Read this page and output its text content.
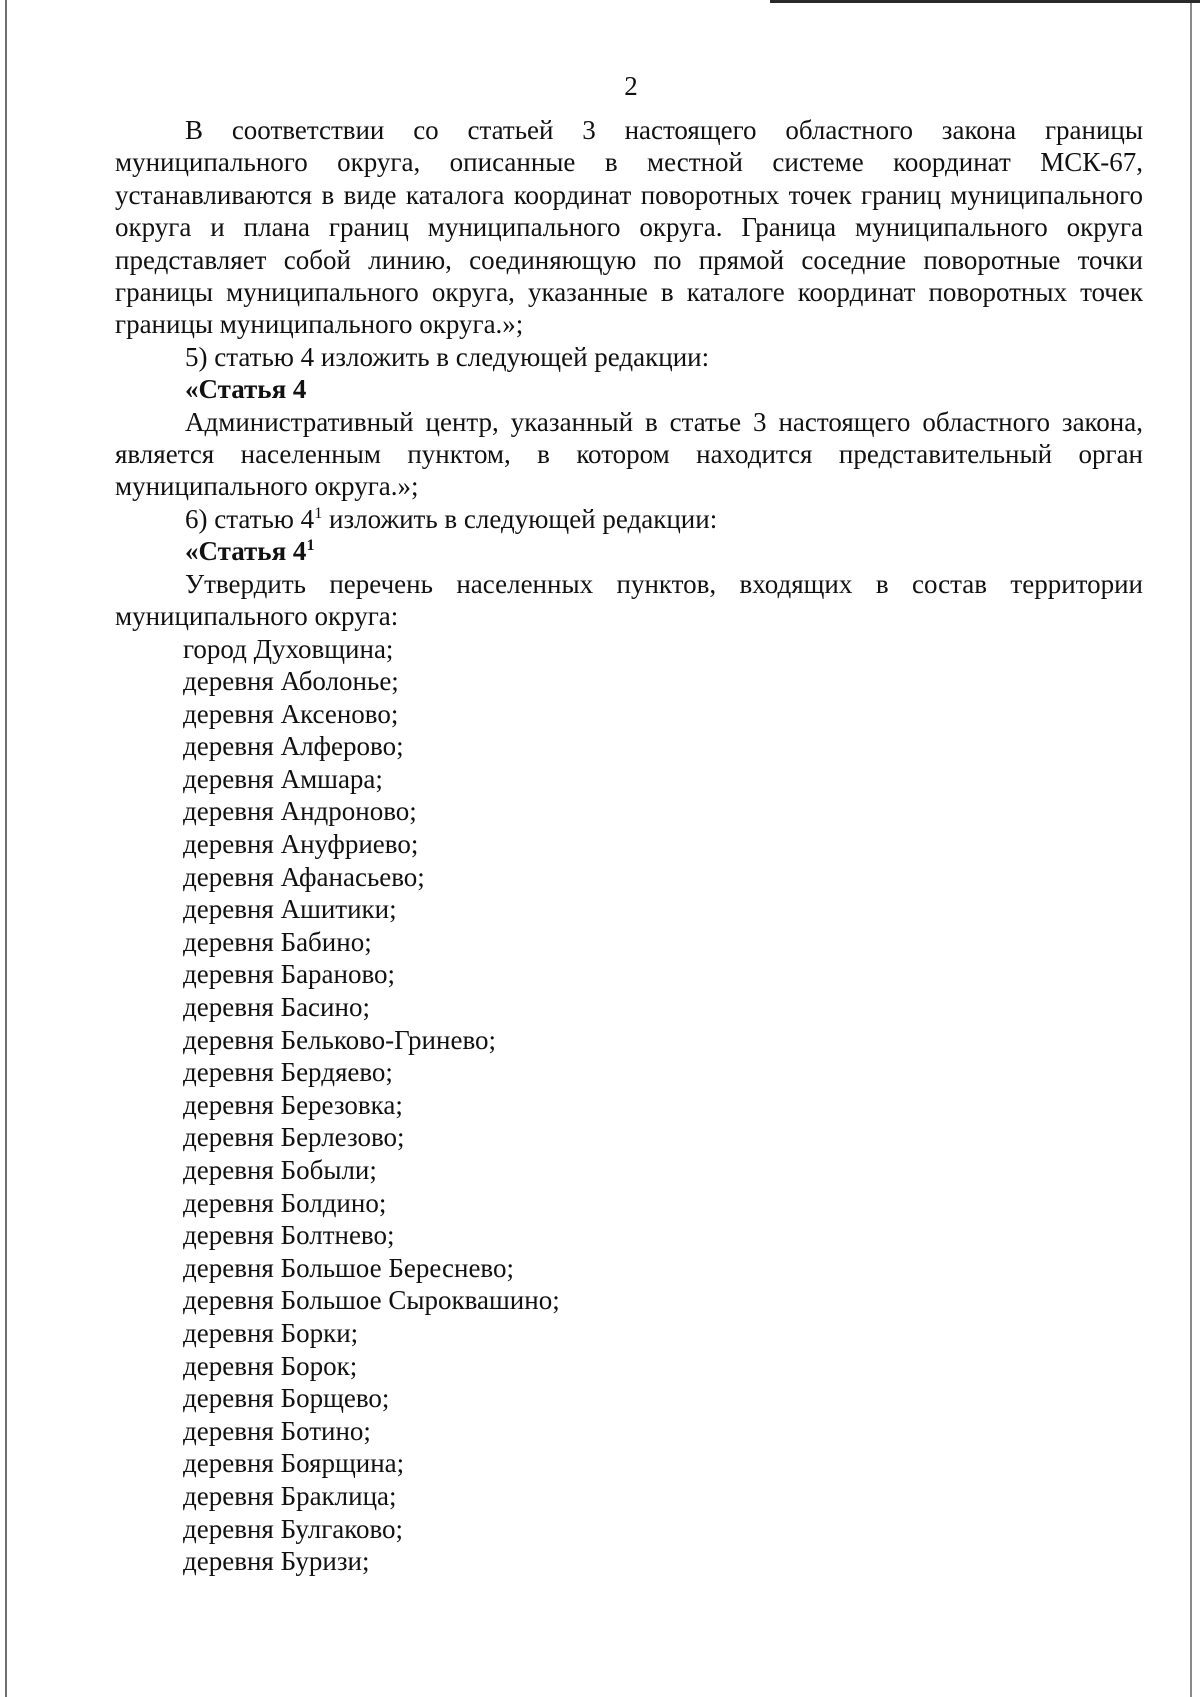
2

В соответствии со статьей 3 настоящего областного закона границы муниципального округа, описанные в местной системе координат МСК-67, устанавливаются в виде каталога координат поворотных точек границ муниципального округа и плана границ муниципального округа. Граница муниципального округа представляет собой линию, соединяющую по прямой соседние поворотные точки границы муниципального округа, указанные в каталоге координат поворотных точек границы муниципального округа.»;

5) статью 4 изложить в следующей редакции:

«Статья 4

Административный центр, указанный в статье 3 настоящего областного закона, является населенным пунктом, в котором находится представительный орган муниципального округа.»;

6) статью $4^1$ изложить в следующей редакции:

«Статья $4^1$

Утвердить перечень населенных пунктов, входящих в состав территории муниципального округа:

город Духовщина;
деревня Аболонье;
деревня Аксеново;
деревня Алферово;
деревня Амшара;
деревня Андроново;
деревня Ануфриево;
деревня Афанасьево;
деревня Ашитики;
деревня Бабино;
деревня Бараново;
деревня Басино;
деревня Бельково-Гринево;
деревня Бердяево;
деревня Березовка;
деревня Берлезово;
деревня Бобыли;
деревня Болдино;
деревня Болтнево;
деревня Большое Береснево;
деревня Большое Сыроквашино;
деревня Борки;
деревня Борок;
деревня Борщево;
деревня Ботино;
деревня Боярщина;
деревня Браклица;
деревня Булгаково;
деревня Буризи;
